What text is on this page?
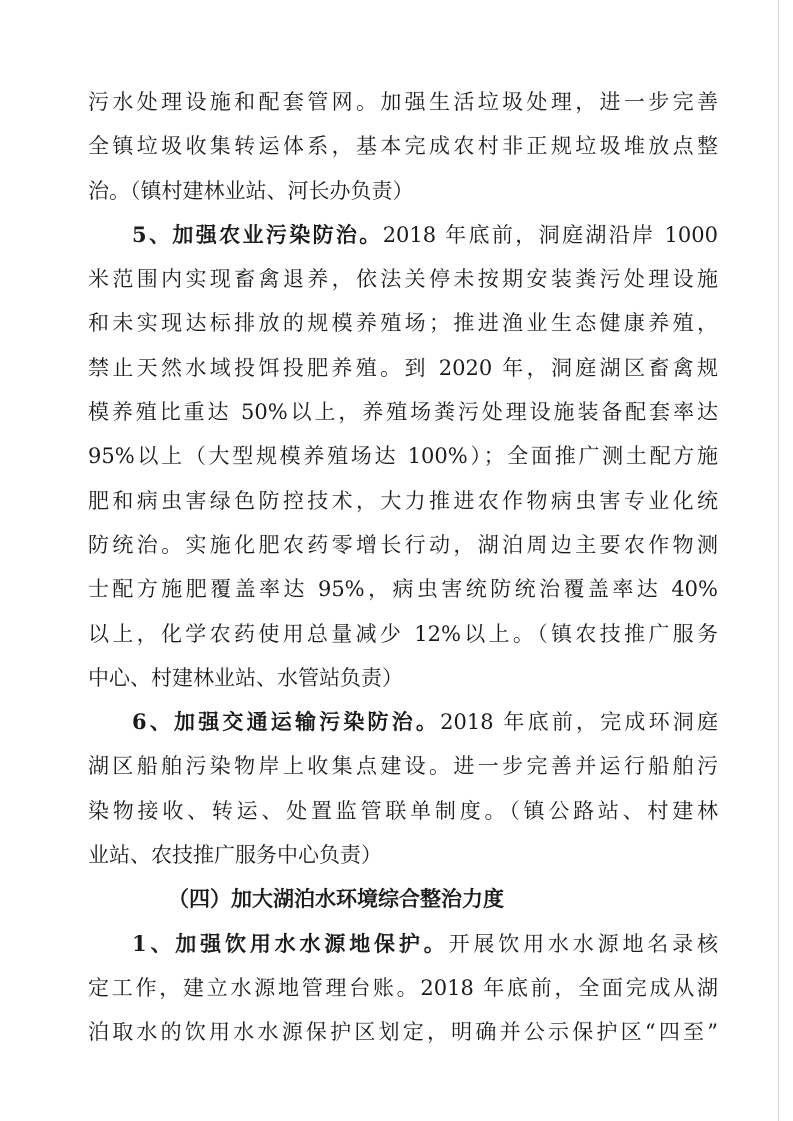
污水处理设施和配套管网。加强生活垃圾处理，进一步完善
全镇垃圾收集转运体系，基本完成农村非正规垃圾堆放点整
治。（镇村建林业站、河长办负责）
5、加强农业污染防治。2018 年底前，洞庭湖沿岸 1000
米范围内实现畜禽退养，依法关停未按期安装粪污处理设施
和未实现达标排放的规模养殖场；推进渔业生态健康养殖，
禁止天然水域投饵投肥养殖。到 2020 年，洞庭湖区畜禽规
模养殖比重达 50%以上，养殖场粪污处理设施装备配套率达
95%以上（大型规模养殖场达 100%）；全面推广测土配方施
肥和病虫害绿色防控技术，大力推进农作物病虫害专业化统
防统治。实施化肥农药零增长行动，湖泊周边主要农作物测
士配方施肥覆盖率达 95%，病虫害统防统治覆盖率达 40%
以上，化学农药使用总量减少 12%以上。（镇农技推广服务
中心、村建林业站、水管站负责）
6、加强交通运输污染防治。2018 年底前，完成环洞庭
湖区船舶污染物岸上收集点建设。进一步完善并运行船舶污
染物接收、转运、处置监管联单制度。（镇公路站、村建林
业站、农技推广服务中心负责）
（四）加大湖泊水环境综合整治力度
1、加强饮用水水源地保护。开展饮用水水源地名录核
定工作，建立水源地管理台账。2018 年底前，全面完成从湖
泊取水的饮用水水源保护区划定，明确并公示保护区“四至”
